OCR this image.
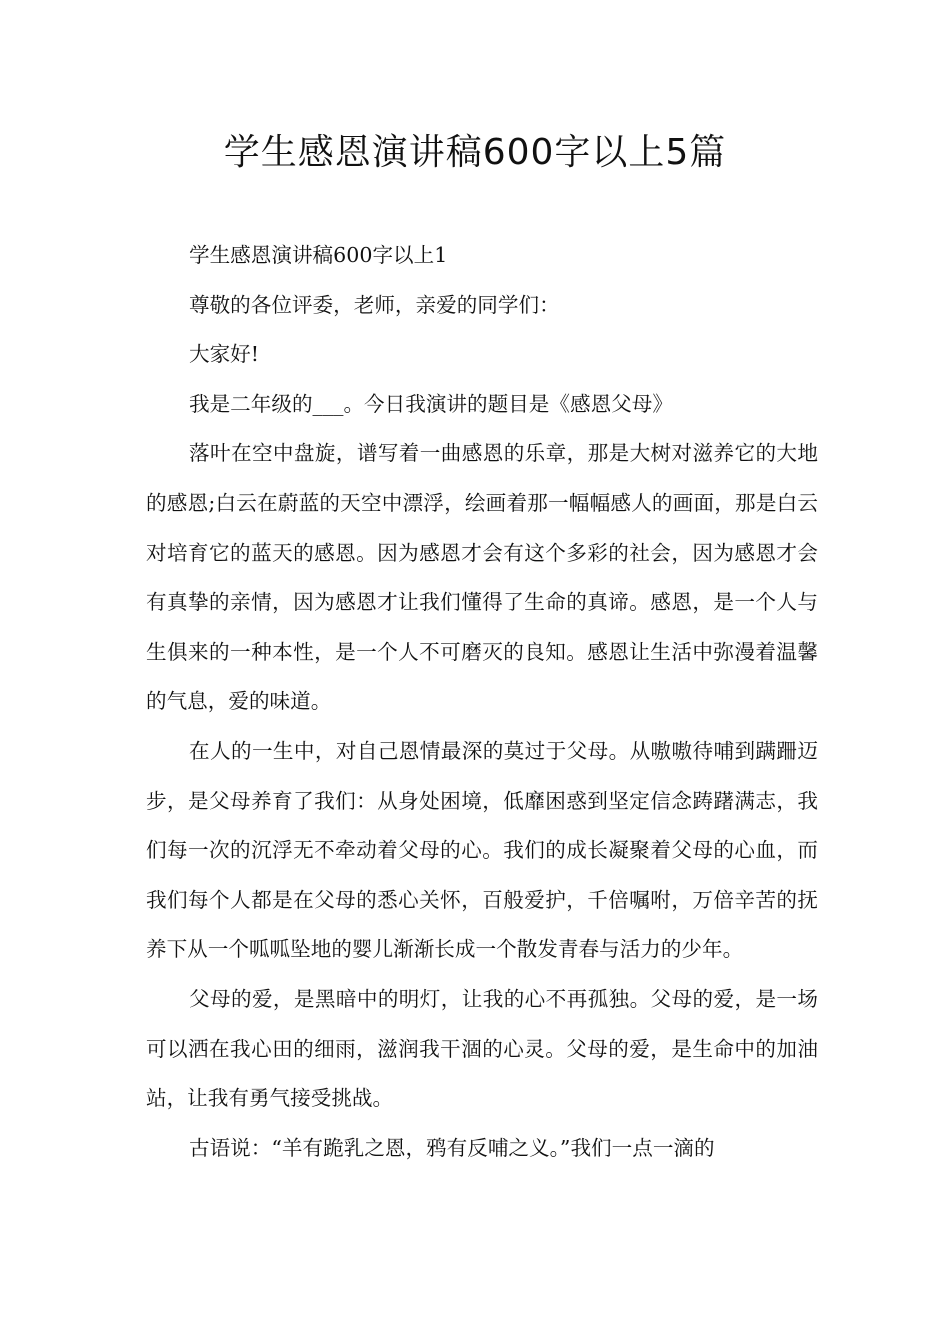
学生感恩演讲稿600字以上5篇

学生感恩演讲稿600字以上1

尊敬的各位评委，老师，亲爱的同学们：

大家好!

我是二年级的___。今日我演讲的题目是《感恩父母》

落叶在空中盘旋，谱写着一曲感恩的乐章，那是大树对滋养它的大地的感恩;白云在蔚蓝的天空中漂浮，绘画着那一幅幅感人的画面，那是白云对培育它的蓝天的感恩。因为感恩才会有这个多彩的社会，因为感恩才会有真挚的亲情，因为感恩才让我们懂得了生命的真谛。感恩，是一个人与生俱来的一种本性，是一个人不可磨灭的良知。感恩让生活中弥漫着温馨的气息，爱的味道。

在人的一生中，对自己恩情最深的莫过于父母。从嗷嗷待哺到蹒跚迈步，是父母养育了我们：从身处困境，低靡困惑到坚定信念踌躇满志，我们每一次的沉浮无不牵动着父母的心。我们的成长凝聚着父母的心血，而我们每个人都是在父母的悉心关怀，百般爱护，千倍嘱咐，万倍辛苦的抚养下从一个呱呱坠地的婴儿渐渐长成一个散发青春与活力的少年。

父母的爱，是黑暗中的明灯，让我的心不再孤独。父母的爱，是一场可以洒在我心田的细雨，滋润我干涸的心灵。父母的爱，是生命中的加油站，让我有勇气接受挑战。

古语说：“羊有跪乳之恩，鸦有反哺之义。”我们一点一滴的
